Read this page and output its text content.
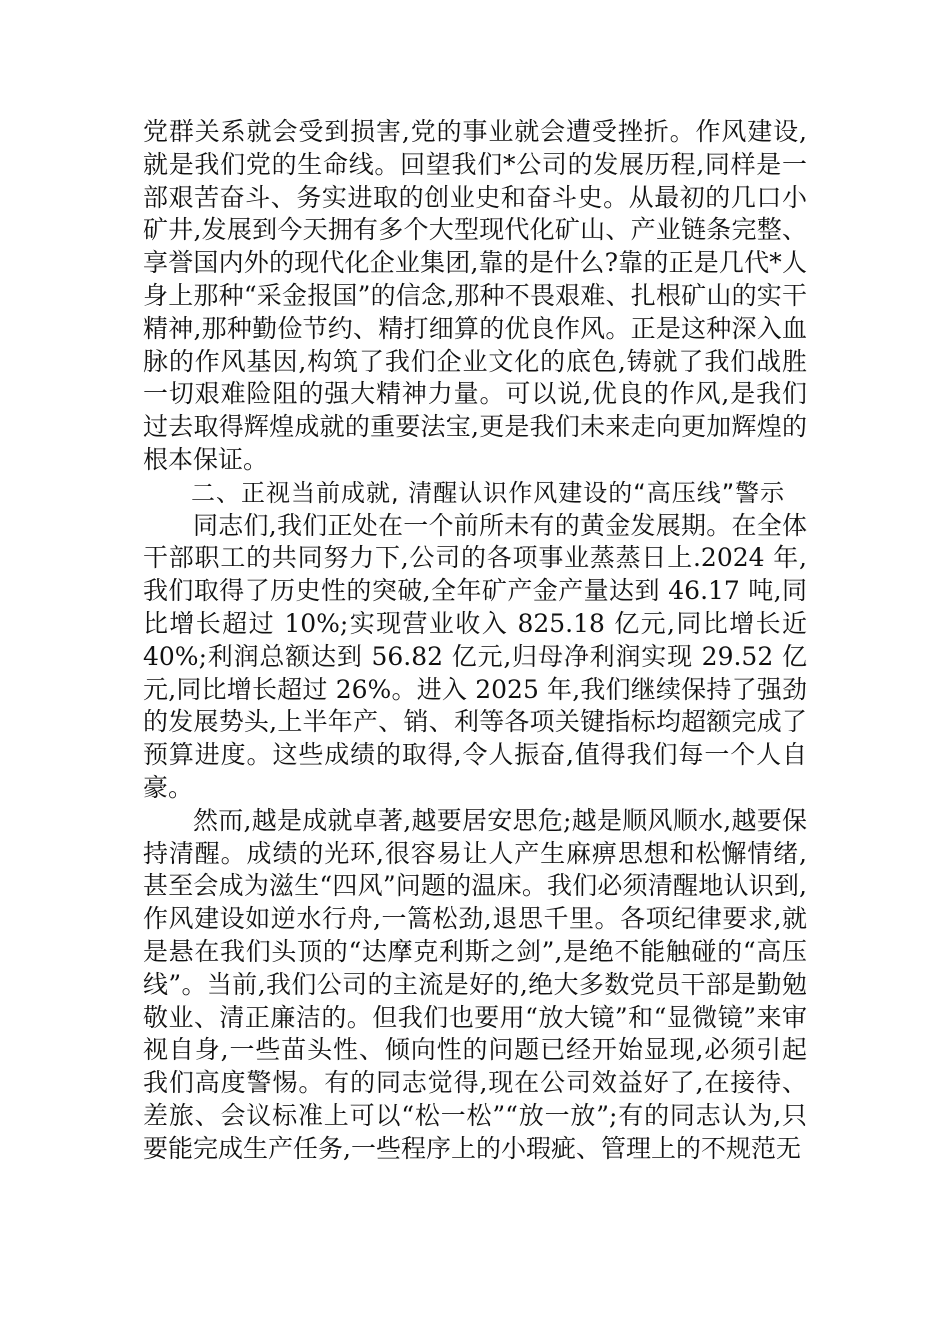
党群关系就会受到损害,党的事业就会遭受挫折。作风建设,就是我们党的生命线。回望我们*公司的发展历程,同样是一部艰苦奋斗、务实进取的创业史和奋斗史。从最初的几口小矿井,发展到今天拥有多个大型现代化矿山、产业链条完整、享誉国内外的现代化企业集团,靠的是什么?靠的正是几代*人身上那种“采金报国”的信念,那种不畏艰难、扎根矿山的实干精神,那种勤俭节约、精打细算的优良作风。正是这种深入血脉的作风基因,构筑了我们企业文化的底色,铸就了我们战胜一切艰难险阻的强大精神力量。可以说,优良的作风,是我们过去取得辉煌成就的重要法宝,更是我们未来走向更加辉煌的根本保证。

二、正视当前成就, 清醒认识作风建设的“高压线”警示

同志们,我们正处在一个前所未有的黄金发展期。在全体干部职工的共同努力下,公司的各项事业蒸蒸日上.2024 年,我们取得了历史性的突破,全年矿产金产量达到 46.17 吨,同比增长超过 10%;实现营业收入 825.18 亿元,同比增长近 40%;利润总额达到 56.82 亿元,归母净利润实现 29.52 亿元,同比增长超过 26%。进入 2025 年,我们继续保持了强劲的发展势头,上半年产、销、利等各项关键指标均超额完成了预算进度。这些成绩的取得,令人振奋,值得我们每一个人自豪。

然而,越是成就卓著,越要居安思危;越是顺风顺水,越要保持清醒。成绩的光环,很容易让人产生麻痹思想和松懈情绪,甚至会成为滋生“四风”问题的温床。我们必须清醒地认识到,作风建设如逆水行舟,一篙松劲,退思千里。各项纪律要求,就是悬在我们头顶的“达摩克利斯之剑”,是绝不能触碰的“高压线”。当前,我们公司的主流是好的,绝大多数党员干部是勤勉敬业、清正廉洁的。但我们也要用“放大镜”和“显微镜”来审视自身,一些苗头性、倾向性的问题已经开始显现,必须引起我们高度警惕。有的同志觉得,现在公司效益好了,在接待、差旅、会议标准上可以“松一松”“放一放”;有的同志认为,只要能完成生产任务,一些程序上的小瑕疵、管理上的不规范无
